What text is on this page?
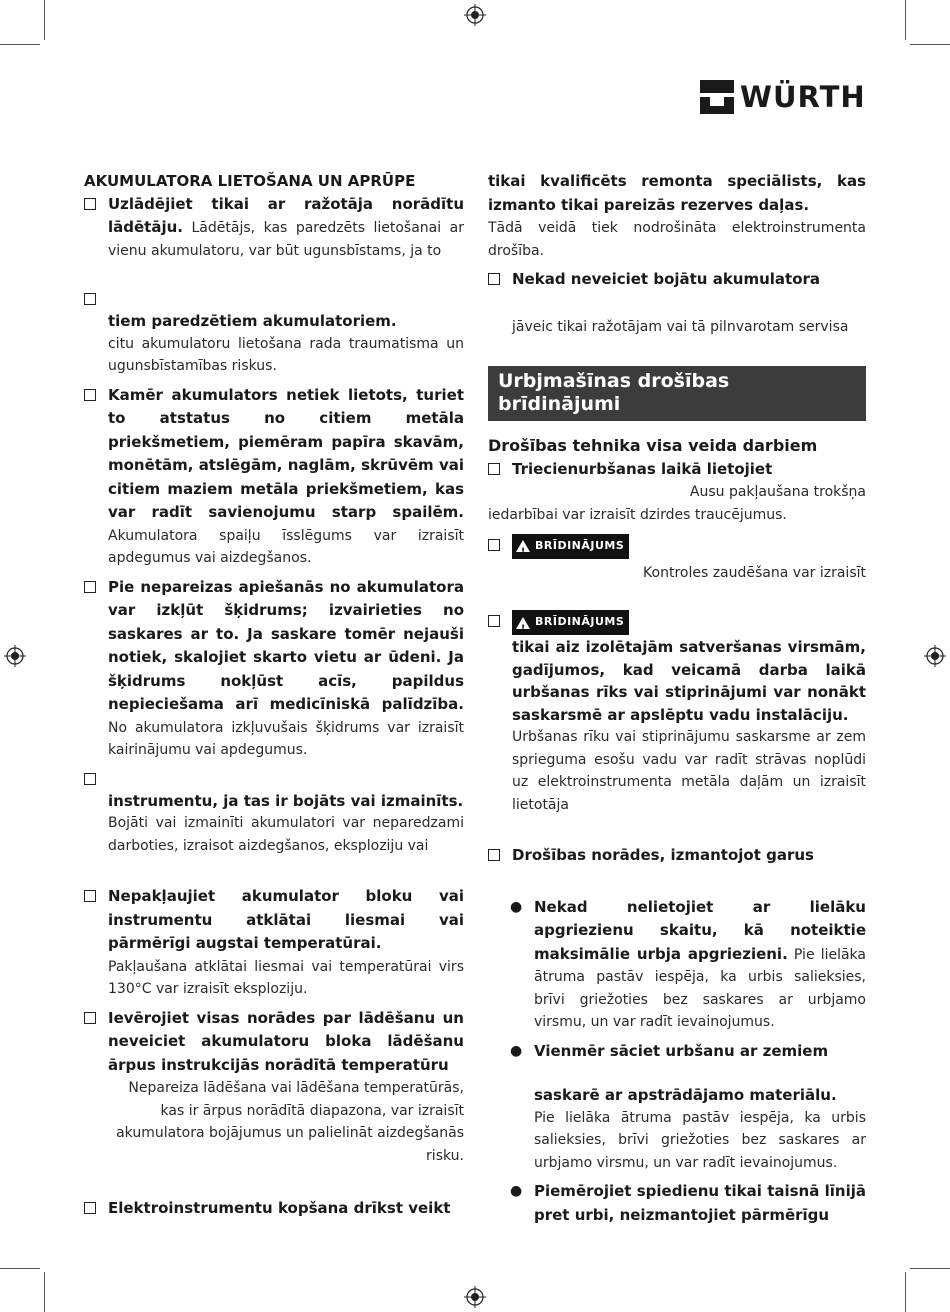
WÜRTH

AKUMULATORA LIETOŠANA UN APRŪPE

Uzlādējiet tikai ar ražotāja norādītu lādētāju. Lādētājs, kas paredzēts lietošanai ar vienu akumulatoru, var būt ugunsbīstams, ja to
tiem paredzētiem akumulatoriem.
citu akumulatoru lietošana rada traumatisma un ugunsbīstamības riskus.
Kamēr akumulators netiek lietots, turiet to atstatus no citiem metāla priekšmetiem, piemēram papīra skavām, monētām, atslēgām, naglām, skrūvēm vai citiem maziem metāla priekšmetiem, kas var radīt savienojumu starp spailēm. Akumulatora spaiļu īsslēgums var izraisīt apdegumus vai aizdegšanos.
Pie nepareizas apiešanās no akumulatora var izkļūt šķidrums; izvairieties no saskares ar to. Ja saskare tomēr nejauši notiek, skalojiet skarto vietu ar ūdeni. Ja šķidrums nokļūst acīs, papildus nepieciešama arī medicīniskā palīdzība. No akumulatora izkļuvušais šķidrums var izraisīt kairinājumu vai apdegumus.
instrumentu, ja tas ir bojāts vai izmainīts.
Bojāti vai izmainīti akumulatori var neparedzami darboties, izraisot aizdegšanos, eksploziju vai
Nepakļaujiet akumulator bloku vai instrumentu atklātai liesmai vai pārmērīgi augstai temperatūrai.
Pakļaušana atklātai liesmai vai temperatūrai virs 130°C var izraisīt eksploziju.
Ievērojiet visas norādes par lādēšanu un neveiciet akumulatoru bloka lādēšanu ārpus instrukcijās norādītā temperatūru
Nepareiza lādēšana vai lādēšana temperatūrās, kas ir ārpus norādītā diapazona, var izraisīt akumulatora bojājumus un palielināt aizdegšanās risku.
Elektroinstrumentu kopšana drīkst veikt
tikai kvalificēts remonta speciālists, kas izmanto tikai pareizās rezerves daļas.
Tādā veidā tiek nodrošināta elektroinstrumenta drošība.
Nekad neveiciet bojātu akumulatora
jāveic tikai ražotājam vai tā pilnvarotam servisa
Urbjmašīnas drošības brīdinājumi

Drošības tehnika visa veida darbiem

Triecienurbšanas laikā lietojiet
Ausu pakļaušana trokšņa
iedarbībai var izraisīt dzirdes traucējumus.
!
BRĪDINĀJUMS
Kontroles zaudēšana var izraisīt
!
BRĪDINĀJUMS
tikai aiz izolētajām satveršanas virsmām, gadījumos, kad veicamā darba laikā urbšanas rīks vai stiprinājumi var nonākt saskarsmē ar apslēptu vadu instalāciju.
Urbšanas rīku vai stiprinājumu saskarsme ar zem sprieguma esošu vadu var radīt strāvas noplūdi uz elektroinstrumenta metāla daļām un izraisīt lietotāja
Drošības norādes, izmantojot garus
● Nekad nelietojiet ar lielāku apgriezienu skaitu, kā noteiktie maksimālie urbja apgriezieni. Pie lielāka ātruma pastāv iespēja, ka urbis salieksies, brīvi griežoties bez saskares ar urbjamo virsmu, un var radīt ievainojumus.
● Vienmēr sāciet urbšanu ar zemiem
saskarē ar apstrādājamo materiālu.
Pie lielāka ātruma pastāv iespēja, ka urbis salieksies, brīvi griežoties bez saskares ar urbjamo virsmu, un var radīt ievainojumus.
● Piemērojiet spiedienu tikai taisnā līnijā pret urbi, neizmantojiet pārmērīgu
